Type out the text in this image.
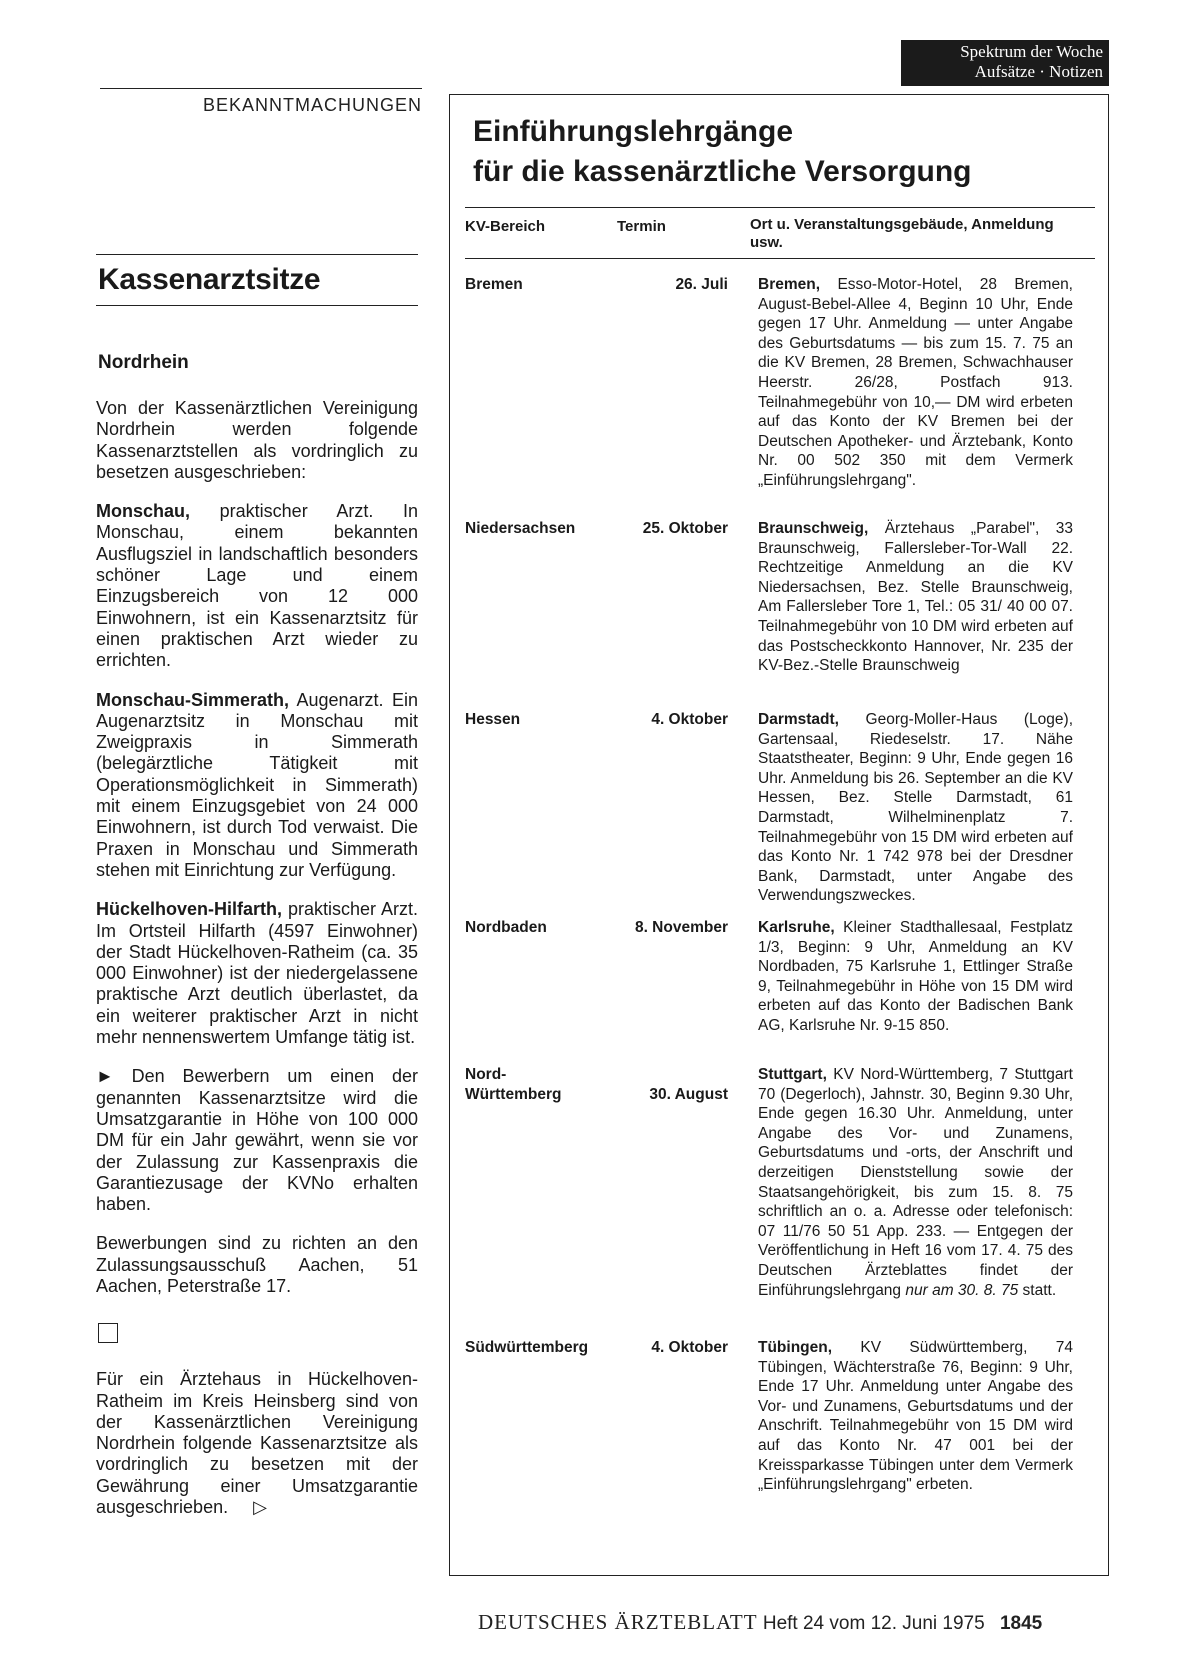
Spektrum der Woche
Aufsätze · Notizen
BEKANNTMACHUNGEN
Kassenarztsitze
Nordrhein

Von der Kassenärztlichen Vereinigung Nordrhein werden folgende Kassenarztstellen als vordringlich zu besetzen ausgeschrieben:

Monschau, praktischer Arzt. In Monschau, einem bekannten Ausflugsziel in landschaftlich besonders schöner Lage und einem Einzugsbereich von 12 000 Einwohnern, ist ein Kassenarztsitz für einen praktischen Arzt wieder zu errichten.

Monschau-Simmerath, Augenarzt. Ein Augenarztsitz in Monschau mit Zweigpraxis in Simmerath (belegärztliche Tätigkeit mit Operationsmöglichkeit in Simmerath) mit einem Einzugsgebiet von 24 000 Einwohnern, ist durch Tod verwaist. Die Praxen in Monschau und Simmerath stehen mit Einrichtung zur Verfügung.

Hückelhoven-Hilfarth, praktischer Arzt. Im Ortsteil Hilfarth (4597 Einwohner) der Stadt Hückelhoven-Ratheim (ca. 35 000 Einwohner) ist der niedergelassene praktische Arzt deutlich überlastet, da ein weiterer praktischer Arzt in nicht mehr nennenswertem Umfange tätig ist.

► Den Bewerbern um einen der genannten Kassenarztsitze wird die Umsatzgarantie in Höhe von 100 000 DM für ein Jahr gewährt, wenn sie vor der Zulassung zur Kassenpraxis die Garantiezusage der KVNo erhalten haben.

Bewerbungen sind zu richten an den Zulassungsausschuß Aachen, 51 Aachen, Peterstraße 17.

Für ein Ärztehaus in Hückelhoven-Ratheim im Kreis Heinsberg sind von der Kassenärztlichen Vereinigung Nordrhein folgende Kassenarztsitze als vordringlich zu besetzen mit der Gewährung einer Umsatzgarantie ausgeschrieben. ▷

Einführungslehrgänge
für die kassenärztliche Versorgung
KV-Bereich	Termin	Ort u. Veranstaltungsgebäude, Anmeldung usw.
Bremen	26. Juli Bremen, Esso-Motor-Hotel, 28 Bremen, August-Bebel-Allee 4, Beginn 10 Uhr, Ende gegen 17 Uhr. Anmeldung — unter Angabe des Geburtsdatums — bis zum 15. 7. 75 an die KV Bremen, 28 Bremen, Schwachhauser Heerstr. 26/28, Postfach 913. Teilnahmegebühr von 10,— DM wird erbeten auf das Konto der KV Bremen bei der Deutschen Apotheker- und Ärztebank, Konto Nr. 00 502 350 mit dem Vermerk „Einführungslehrgang".
Niedersachsen	25. Oktober Braunschweig, Ärztehaus „Parabel", 33 Braunschweig, Fallersleber-Tor-Wall 22. Rechtzeitige Anmeldung an die KV Niedersachsen, Bez. Stelle Braunschweig, Am Fallersleber Tore 1, Tel.: 05 31/ 40 00 07. Teilnahmegebühr von 10 DM wird erbeten auf das Postscheckkonto Hannover, Nr. 235 der KV-Bez.-Stelle Braunschweig
Hessen	4. Oktober Darmstadt, Georg-Moller-Haus (Loge), Gartensaal, Riedeselstr. 17. Nähe Staatstheater, Beginn: 9 Uhr, Ende gegen 16 Uhr. Anmeldung bis 26. September an die KV Hessen, Bez. Stelle Darmstadt, 61 Darmstadt, Wilhelminenplatz 7. Teilnahmegebühr von 15 DM wird erbeten auf das Konto Nr. 1 742 978 bei der Dresdner Bank, Darmstadt, unter Angabe des Verwendungszweckes.
Nordbaden	8. November Karlsruhe, Kleiner Stadthallesaal, Festplatz 1/3, Beginn: 9 Uhr, Anmeldung an KV Nordbaden, 75 Karlsruhe 1, Ettlinger Straße 9, Teilnahmegebühr in Höhe von 15 DM wird erbeten auf das Konto der Badischen Bank AG, Karlsruhe Nr. 9-15 850.
Nord-Württemberg	30. August
Stuttgart, KV Nord-Württemberg, 7 Stuttgart 70 (Degerloch), Jahnstr. 30, Beginn 9.30 Uhr, Ende gegen 16.30 Uhr. Anmeldung, unter Angabe des Vor- und Zunamens, Geburtsdatums und -orts, der Anschrift und derzeitigen Dienststellung sowie der Staatsangehörigkeit, bis zum 15. 8. 75 schriftlich an o. a. Adresse oder telefonisch: 07 11/76 50 51 App. 233. — Entgegen der Veröffentlichung in Heft 16 vom 17. 4. 75 des Deutschen Ärzteblattes findet der Einführungslehrgang nur am 30. 8. 75 statt.
Südwürttemberg	4. Oktober Tübingen, KV Südwürttemberg, 74 Tübingen, Wächterstraße 76, Beginn: 9 Uhr, Ende 17 Uhr. Anmeldung unter Angabe des Vor- und Zunamens, Geburtsdatums und der Anschrift. Teilnahmegebühr von 15 DM wird auf das Konto Nr. 47 001 bei der Kreissparkasse Tübingen unter dem Vermerk „Einführungslehrgang" erbeten.
DEUTSCHES ÄRZTEBLATT Heft 24 vom 12. Juni 1975 1845
